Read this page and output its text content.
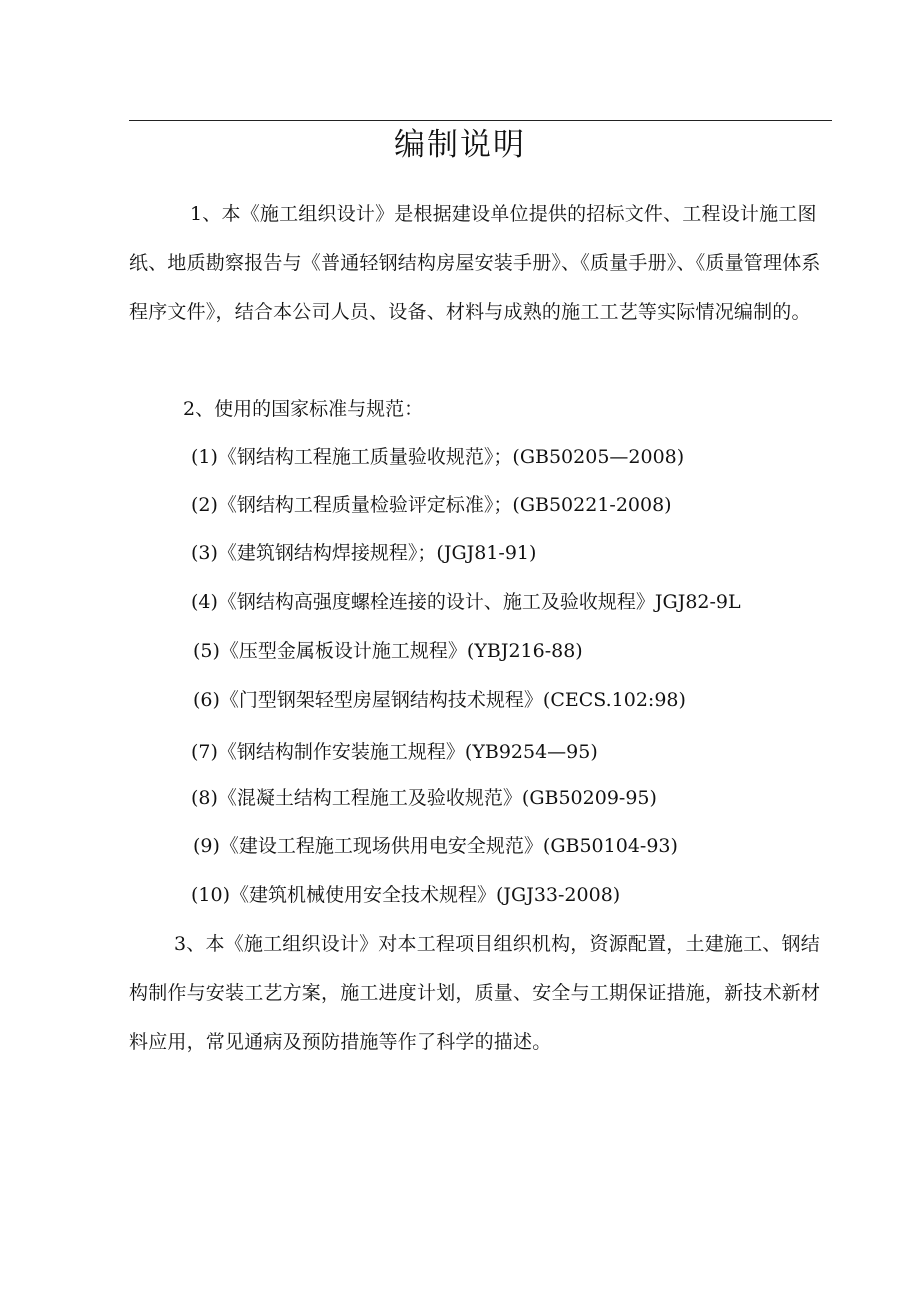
编制说明

1、本《施工组织设计》是根据建设单位提供的招标文件、工程设计施工图纸、地质勘察报告与《普通轻钢结构房屋安装手册》、《质量手册》、《质量管理体系程序文件》，结合本公司人员、设备、材料与成熟的施工工艺等实际情况编制的。

2、使用的国家标准与规范：

(1)《钢结构工程施工质量验收规范》；(GB50205—2008)

(2)《钢结构工程质量检验评定标准》；(GB50221-2008)

(3)《建筑钢结构焊接规程》；(JGJ81-91)

(4)《钢结构高强度螺栓连接的设计、施工及验收规程》JGJ82-9L

(5)《压型金属板设计施工规程》(YBJ216-88)

(6)《门型钢架轻型房屋钢结构技术规程》(CECS.102:98)

(7)《钢结构制作安装施工规程》(YB9254—95)

(8)《混凝土结构工程施工及验收规范》(GB50209-95)

(9)《建设工程施工现场供用电安全规范》(GB50104-93)

(10)《建筑机械使用安全技术规程》(JGJ33-2008)

3、本《施工组织设计》对本工程项目组织机构，资源配置，土建施工、钢结构制作与安装工艺方案，施工进度计划，质量、安全与工期保证措施，新技术新材料应用，常见通病及预防措施等作了科学的描述。
